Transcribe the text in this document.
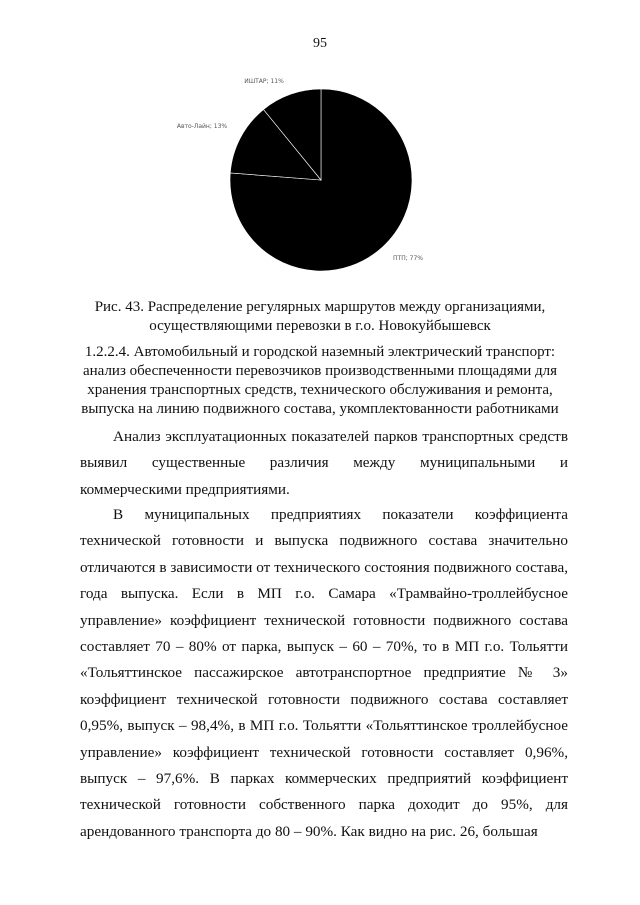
95
ПТП; 77%
Авто-Лайн; 13%
ИШТАР; 11%
Рис. 43. Распределение регулярных маршрутов между организациями,
осуществляющими перевозки в г.о. Новокуйбышевск
1.2.2.4. Автомобильный и городской наземный электрический транспорт:
анализ обеспеченности перевозчиков производственными площадями для
хранения транспортных средств, технического обслуживания и ремонта,
выпуска на линию подвижного состава, укомплектованности работниками

Анализ эксплуатационных показателей парков транспортных средств выявил существенные различия между муниципальными и коммерческими предприятиями.

В муниципальных предприятиях показатели коэффициента технической готовности и выпуска подвижного состава значительно отличаются в зависимости от технического состояния подвижного состава, года выпуска. Если в МП г.о. Самара «Трамвайно-троллейбусное управление» коэффициент технической готовности подвижного состава составляет 70 – 80% от парка, выпуск – 60 – 70%, то в МП г.о. Тольятти «Тольяттинское пассажирское автотранспортное предприятие № 3» коэффициент технической готовности подвижного состава составляет 0,95%, выпуск – 98,4%, в МП г.о. Тольятти «Тольяттинское троллейбусное управление» коэффициент технической готовности составляет 0,96%, выпуск – 97,6%. В парках коммерческих предприятий коэффициент технической готовности собственного парка доходит до 95%, для арендованного транспорта до 80 – 90%. Как видно на рис. 26, большая
